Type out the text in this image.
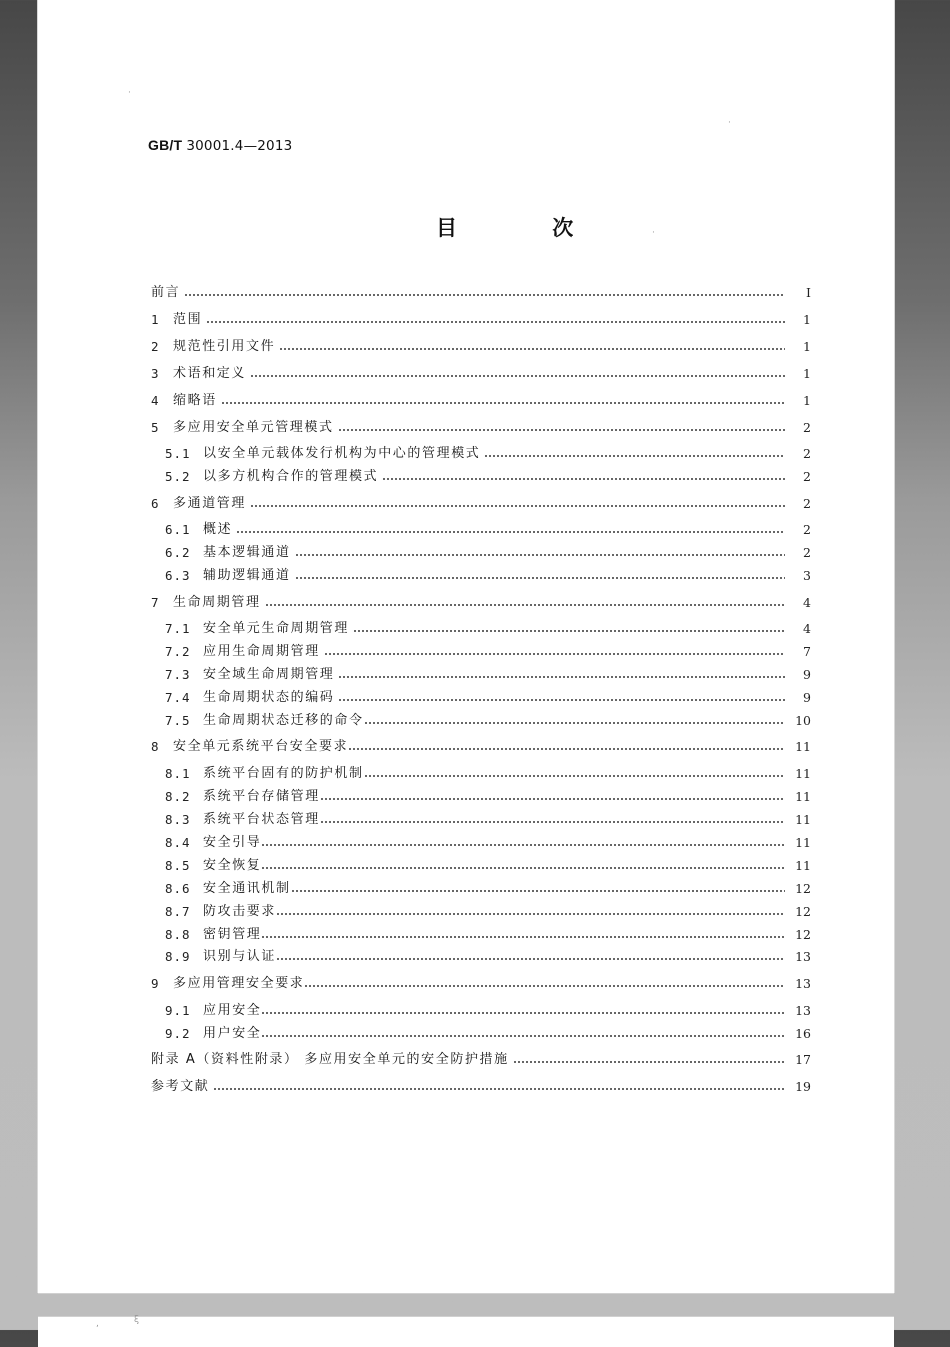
·
·
·
GB/T 30001.4—2013
目 次
前言	Ⅰ
1	范围	1
2	规范性引用文件	1
3	术语和定义	1
4	缩略语	1
5	多应用安全单元管理模式	2
5.1 以安全单元载体发行机构为中心的管理模式	2
5.2 以多方机构合作的管理模式	2
6	多通道管理	2
6.1 概述	2
6.2 基本逻辑通道	2
6.3 辅助逻辑通道	3
7	生命周期管理	4
7.1 安全单元生命周期管理	4
7.2 应用生命周期管理	7
7.3 安全域生命周期管理	9
7.4 生命周期状态的编码	9
7.5 生命周期状态迁移的命令	10
8	安全单元系统平台安全要求	11
8.1 系统平台固有的防护机制	11
8.2 系统平台存储管理	11
8.3 系统平台状态管理	11
8.4 安全引导	11
8.5 安全恢复	11
8.6 安全通讯机制	12
8.7 防攻击要求	12
8.8 密钥管理	12
8.9 识别与认证	13
9	多应用管理安全要求	13
9.1 应用安全	13
9.2 用户安全	16
附录 A（资料性附录） 多应用安全单元的安全防护措施	17
参考文献	19
,	ξ
